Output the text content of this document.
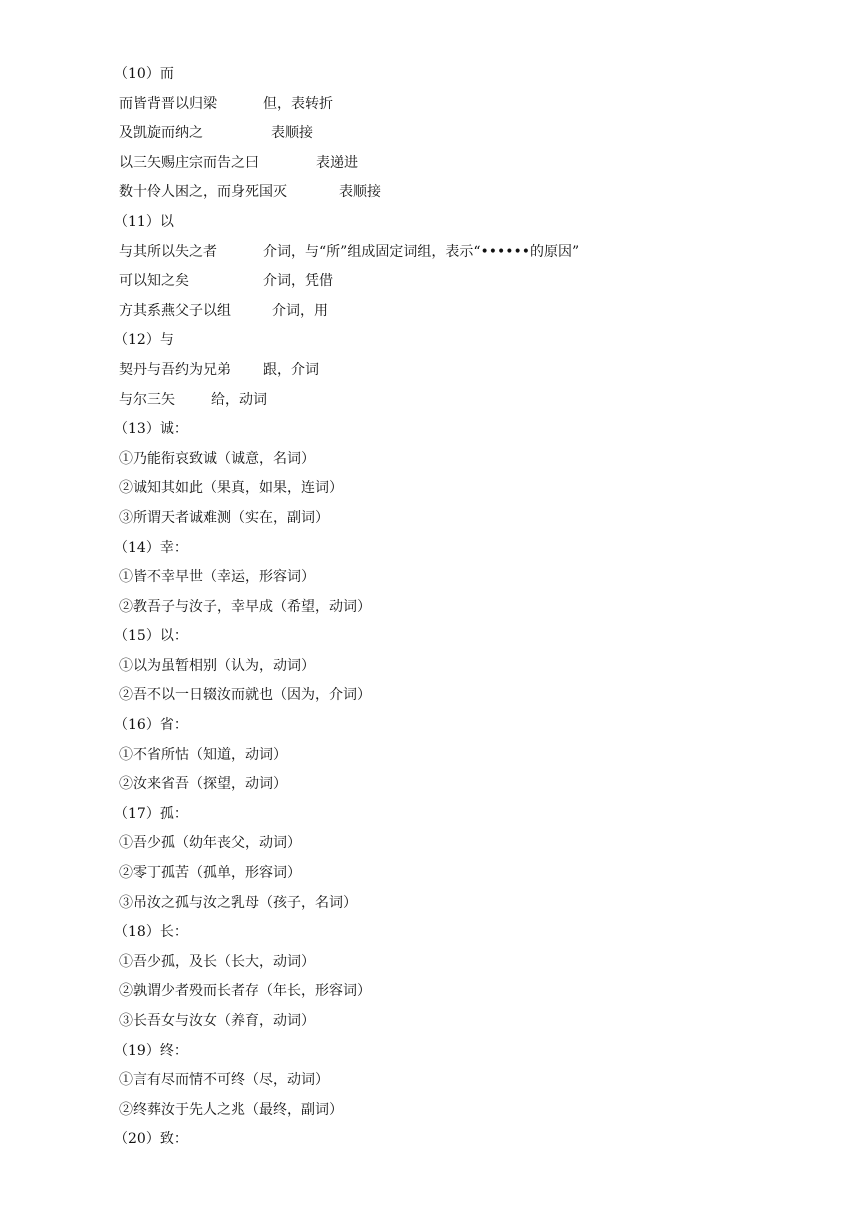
（10）而
而皆背晋以归梁	但，表转折
及凯旋而纳之	表顺接
以三矢赐庄宗而告之曰	表递进
数十伶人困之，而身死国灭	表顺接
（11）以
与其所以失之者	介词，与“所”组成固定词组，表示“••••••的原因”
可以知之矣	介词，凭借
方其系燕父子以组	介词，用
（12）与
契丹与吾约为兄弟	跟，介词
与尔三矢	给，动词
（13）诚：
①乃能衔哀致诚（诚意，名词）
②诚知其如此（果真，如果，连词）
③所谓天者诚难测（实在，副词）
（14）幸：
①皆不幸早世（幸运，形容词）
②教吾子与汝子，幸早成（希望，动词）
（15）以：
①以为虽暂相别（认为，动词）
②吾不以一日辍汝而就也（因为，介词）
（16）省：
①不省所怙（知道，动词）
②汝来省吾（探望，动词）
（17）孤：
①吾少孤（幼年丧父，动词）
②零丁孤苦（孤单，形容词）
③吊汝之孤与汝之乳母（孩子，名词）
（18）长：
①吾少孤，及长（长大，动词）
②孰谓少者殁而长者存（年长，形容词）
③长吾女与汝女（养育，动词）
（19）终：
①言有尽而情不可终（尽，动词）
②终葬汝于先人之兆（最终，副词）
（20）致：
